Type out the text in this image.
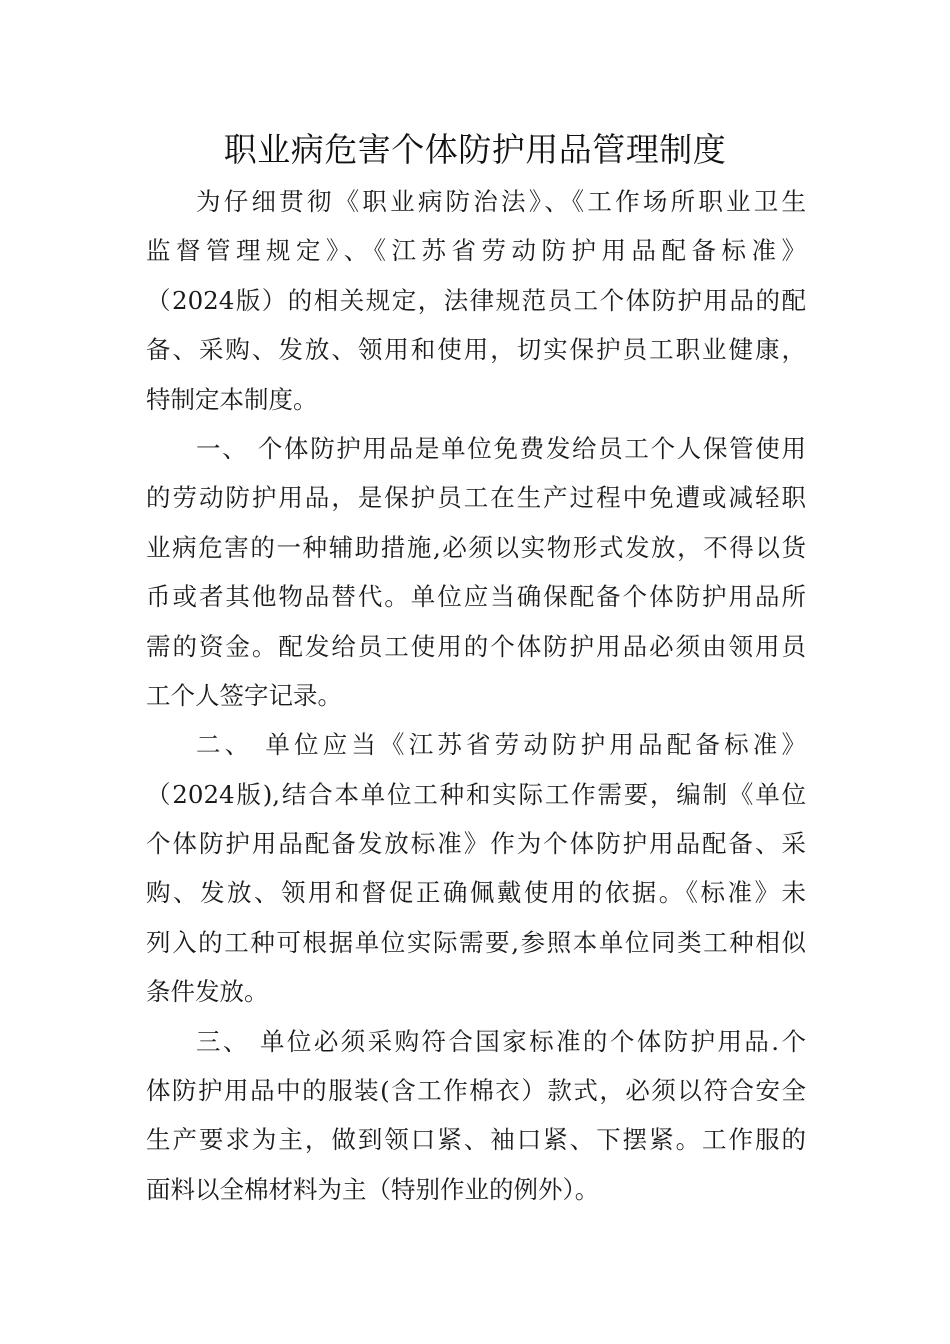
职业病危害个体防护用品管理制度
为仔细贯彻《职业病防治法》、《工作场所职业卫生
监督管理规定》、《江苏省劳动防护用品配备标准》
（2024版）的相关规定，法律规范员工个体防护用品的配
备、采购、发放、领用和使用，切实保护员工职业健康，
特制定本制度。
一、 个体防护用品是单位免费发给员工个人保管使用
的劳动防护用品，是保护员工在生产过程中免遭或减轻职
业病危害的一种辅助措施,必须以实物形式发放，不得以货
币或者其他物品替代。单位应当确保配备个体防护用品所
需的资金。配发给员工使用的个体防护用品必须由领用员
工个人签字记录。
二、 单位应当《江苏省劳动防护用品配备标准》
（2024版),结合本单位工种和实际工作需要，编制《单位
个体防护用品配备发放标准》作为个体防护用品配备、采
购、发放、领用和督促正确佩戴使用的依据。《标准》未
列入的工种可根据单位实际需要,参照本单位同类工种相似
条件发放。
三、 单位必须采购符合国家标准的个体防护用品.个
体防护用品中的服装(含工作棉衣）款式，必须以符合安全
生产要求为主，做到领口紧、袖口紧、下摆紧。工作服的
面料以全棉材料为主（特别作业的例外）。
